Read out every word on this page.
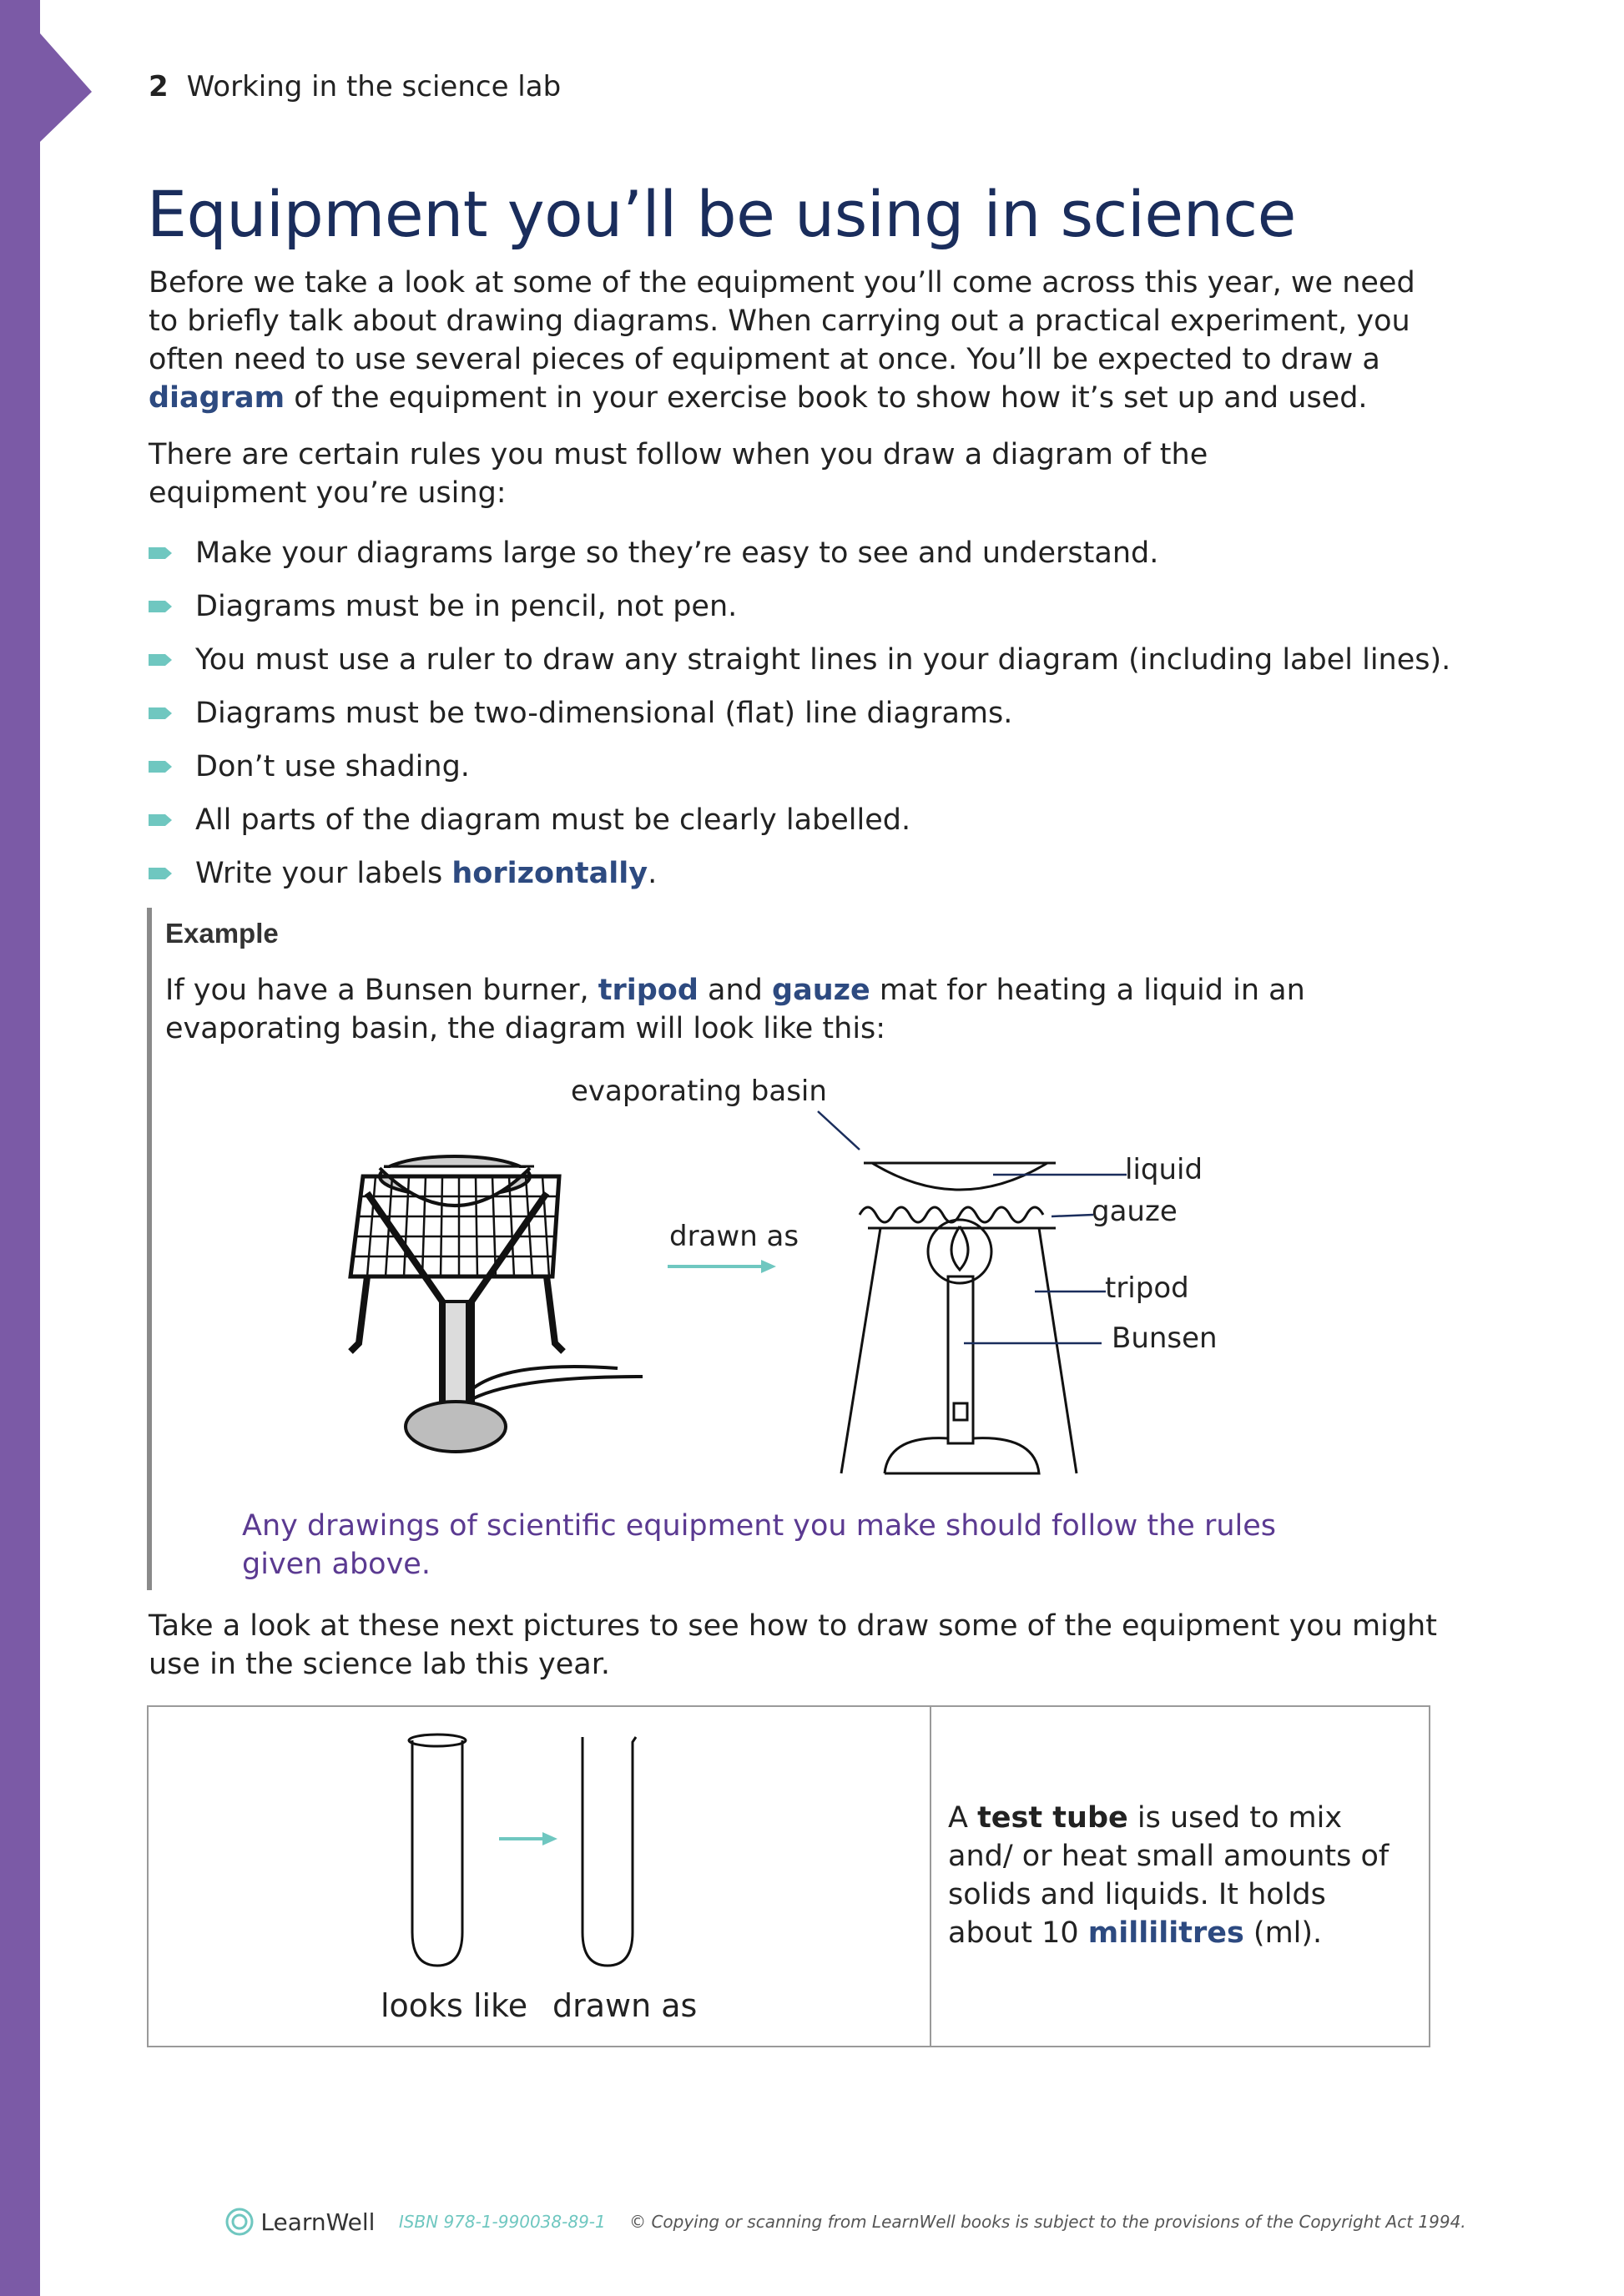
2 Working in the science lab
Equipment you’ll be using in science

Before we take a look at some of the equipment you’ll come across this year, we need to briefly talk about drawing diagrams. When carrying out a practical experiment, you often need to use several pieces of equipment at once. You’ll be expected to draw a diagram of the equipment in your exercise book to show how it’s set up and used.

There are certain rules you must follow when you draw a diagram of the equipment you’re using:

Make your diagrams large so they’re easy to see and understand.
Diagrams must be in pencil, not pen.
You must use a ruler to draw any straight lines in your diagram (including label lines).
Diagrams must be two-dimensional (flat) line diagrams.
Don’t use shading.
All parts of the diagram must be clearly labelled.
Write your labels horizontally.
Example

If you have a Bunsen burner, tripod and gauze mat for heating a liquid in an evaporating basin, the diagram will look like this:

evaporating basin
liquid
gauze
tripod
Bunsen
drawn as

Any drawings of scientific equipment you make should follow the rules given above.

Take a look at these next pictures to see how to draw some of the equipment you might use in the science lab this year.

looks like drawn as

A test tube is used to mix and/ or heat small amounts of solids and liquids. It holds about 10 millilitres (ml).

LearnWell ISBN 978-1-990038-89-1 © Copying or scanning from LearnWell books is subject to the provisions of the Copyright Act 1994.
